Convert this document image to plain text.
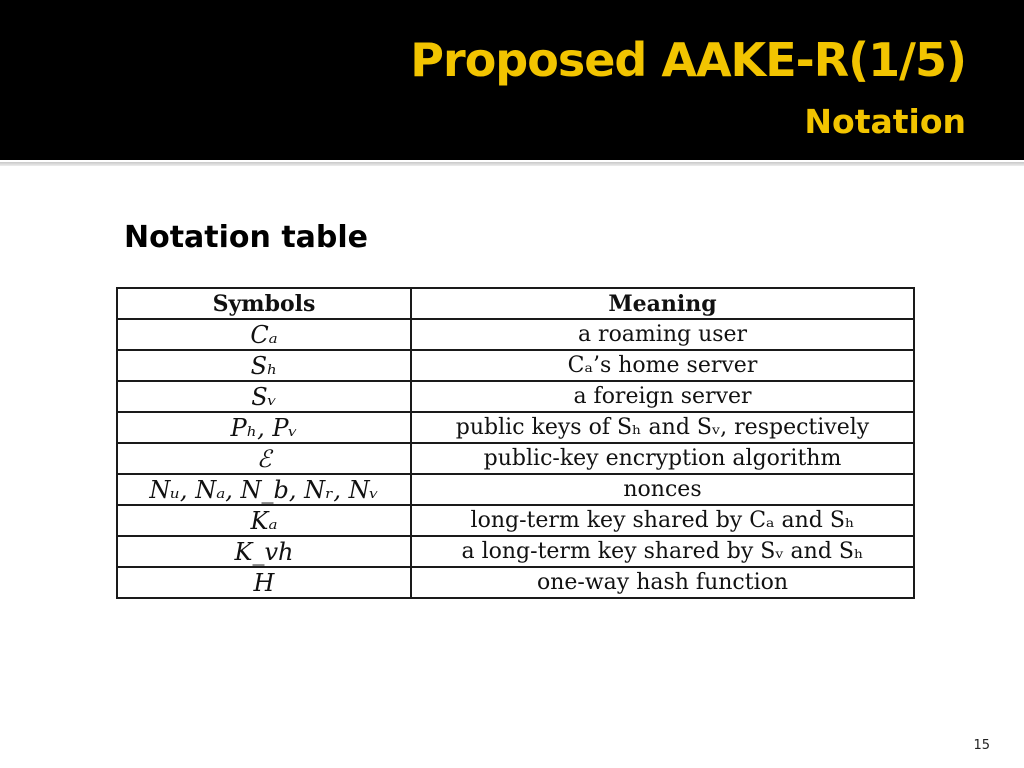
Proposed AAKE-R(1/5)
Notation
Notation table
Symbols	Meaning
Cₐ	a roaming user
Sₕ	Cₐ’s home server
Sᵥ	a foreign server
Pₕ, Pᵥ	public keys of Sₕ and Sᵥ, respectively
ℰ	public-key encryption algorithm
Nᵤ, Nₐ, N_b, Nᵣ, Nᵥ	nonces
Kₐ	long-term key shared by Cₐ and Sₕ
K_vh	a long-term key shared by Sᵥ and Sₕ
H	one-way hash function
15
